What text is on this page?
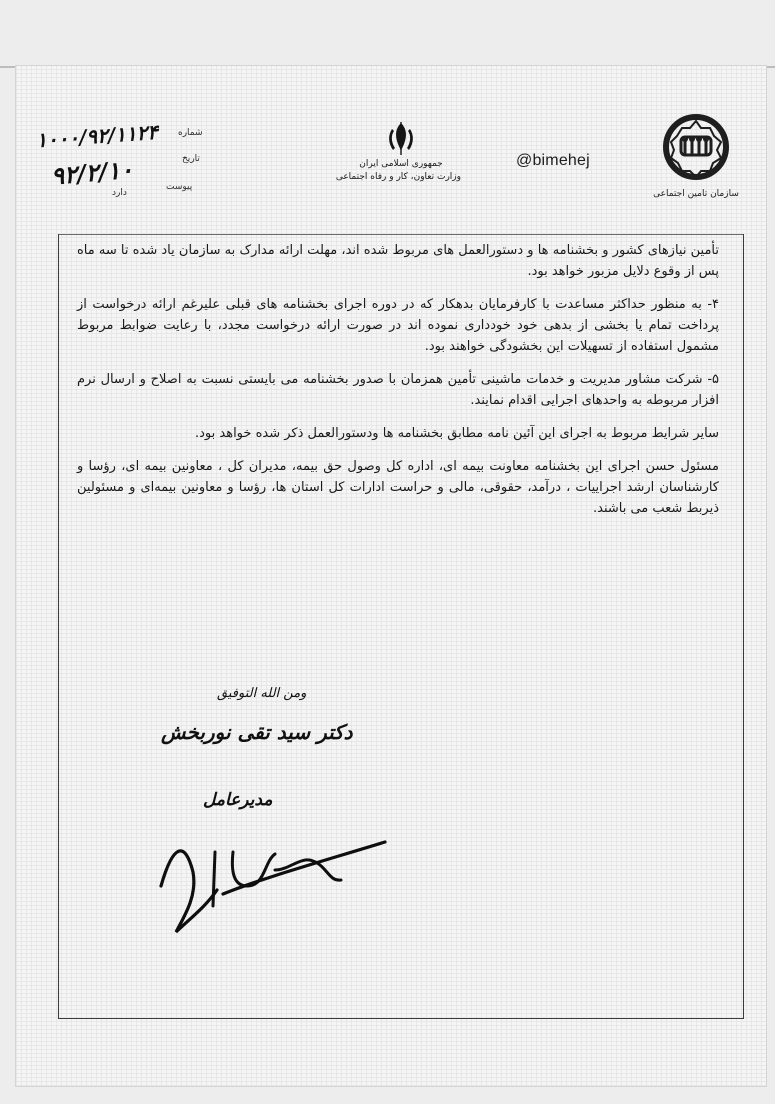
۱۰۰۰/۹۲/۱۱۲۴
۹۲/۲/۱۰
شماره
تاریخ
پیوست
دارد
جمهوری اسلامی ایران
وزارت تعاون، کار و رفاه اجتماعی
@bimehej
سازمان تامین اجتماعی

تأمین نیازهای کشور و بخشنامه ها و دستورالعمل های مربوط شده اند، مهلت ارائه مدارک به سازمان یاد شده تا سه ماه پس از وقوع دلایل مزبور خواهد بود.

۴- به منظور حداکثر مساعدت با کارفرمایان بدهکار که در دوره اجرای بخشنامه های قبلی علیرغم ارائه درخواست از پرداخت تمام یا بخشی از بدهی خود خودداری نموده اند در صورت ارائه درخواست مجدد، با رعایت ضوابط مربوط مشمول استفاده از تسهیلات این بخشودگی خواهند بود.

۵- شرکت مشاور مدیریت و خدمات ماشینی تأمین همزمان با صدور بخشنامه می بایستی نسبت به اصلاح و ارسال نرم افزار مربوطه به واحدهای اجرایی اقدام نمایند.

سایر شرایط مربوط به اجرای این آئین نامه مطابق بخشنامه ها ودستورالعمل ذکر شده خواهد بود.

مسئول حسن اجرای این بخشنامه معاونت بیمه ای، اداره کل وصول حق بیمه، مدیران کل ، معاونین بیمه ای، رؤسا و کارشناسان ارشد اجراییات ، درآمد، حقوقی، مالی و حراست ادارات کل استان ها، رؤسا و معاونین بیمه‌ای و مسئولین ذیربط شعب می باشند.

ومن الله التوفیق
دکتر سید تقی نوربخش
مدیرعامل
